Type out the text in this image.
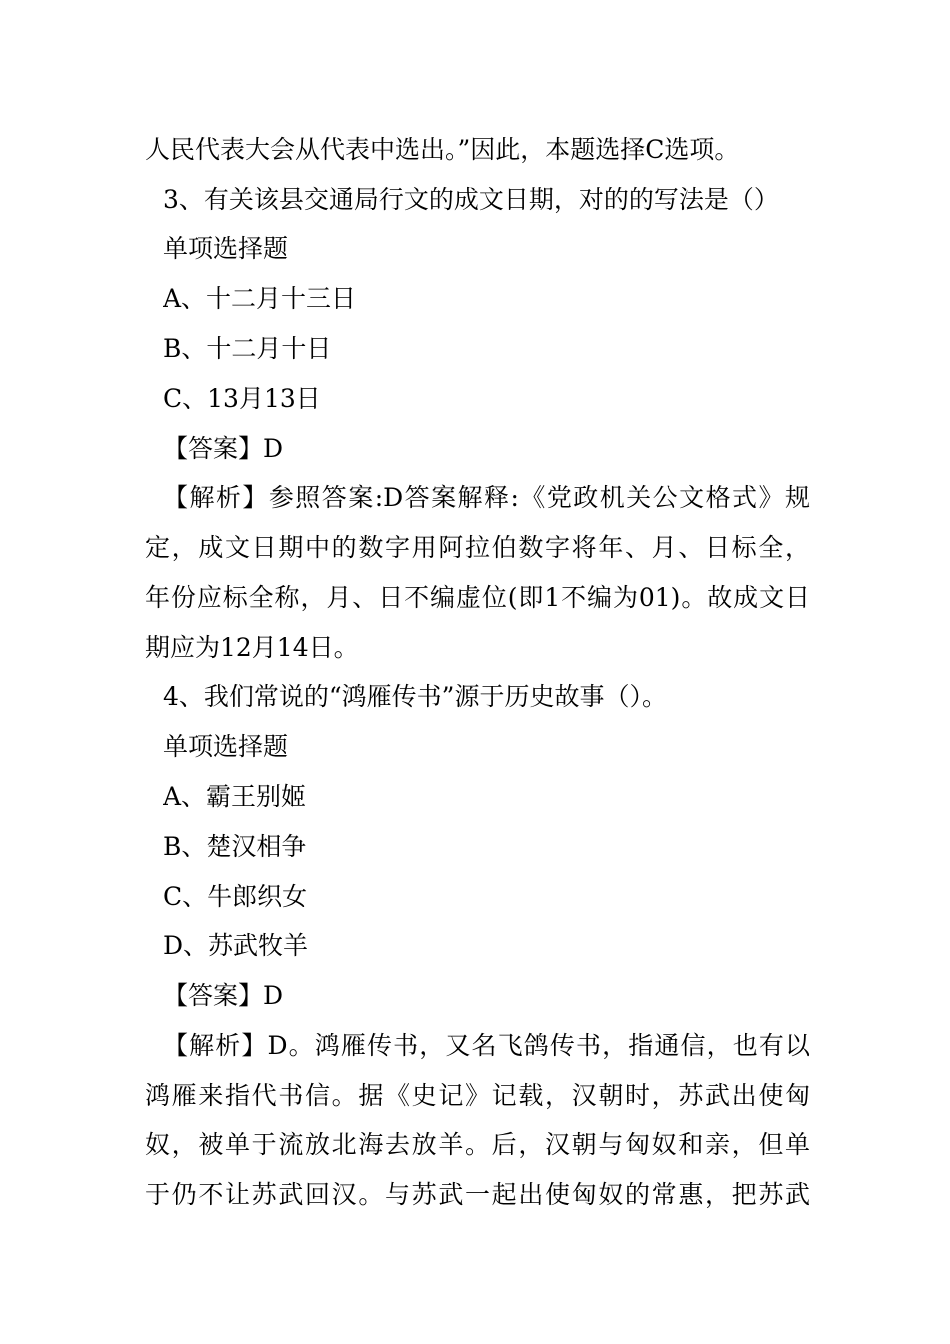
人民代表大会从代表中选出。”因此，本题选择C选项。
3、有关该县交通局行文的成文日期，对的的写法是（）
单项选择题
A、十二月十三日
B、十二月十日
C、13月13日
【答案】D
【解析】参照答案:D答案解释:《党政机关公文格式》规
定，成文日期中的数字用阿拉伯数字将年、月、日标全，
年份应标全称，月、日不编虚位(即1不编为01)。故成文日
期应为12月14日。
4、我们常说的“鸿雁传书”源于历史故事（）。
单项选择题
A、霸王别姬
B、楚汉相争
C、牛郎织女
D、苏武牧羊
【答案】D
【解析】D。鸿雁传书，又名飞鸽传书，指通信，也有以
鸿雁来指代书信。据《史记》记载，汉朝时，苏武出使匈
奴，被单于流放北海去放羊。后，汉朝与匈奴和亲，但单
于仍不让苏武回汉。与苏武一起出使匈奴的常惠，把苏武
